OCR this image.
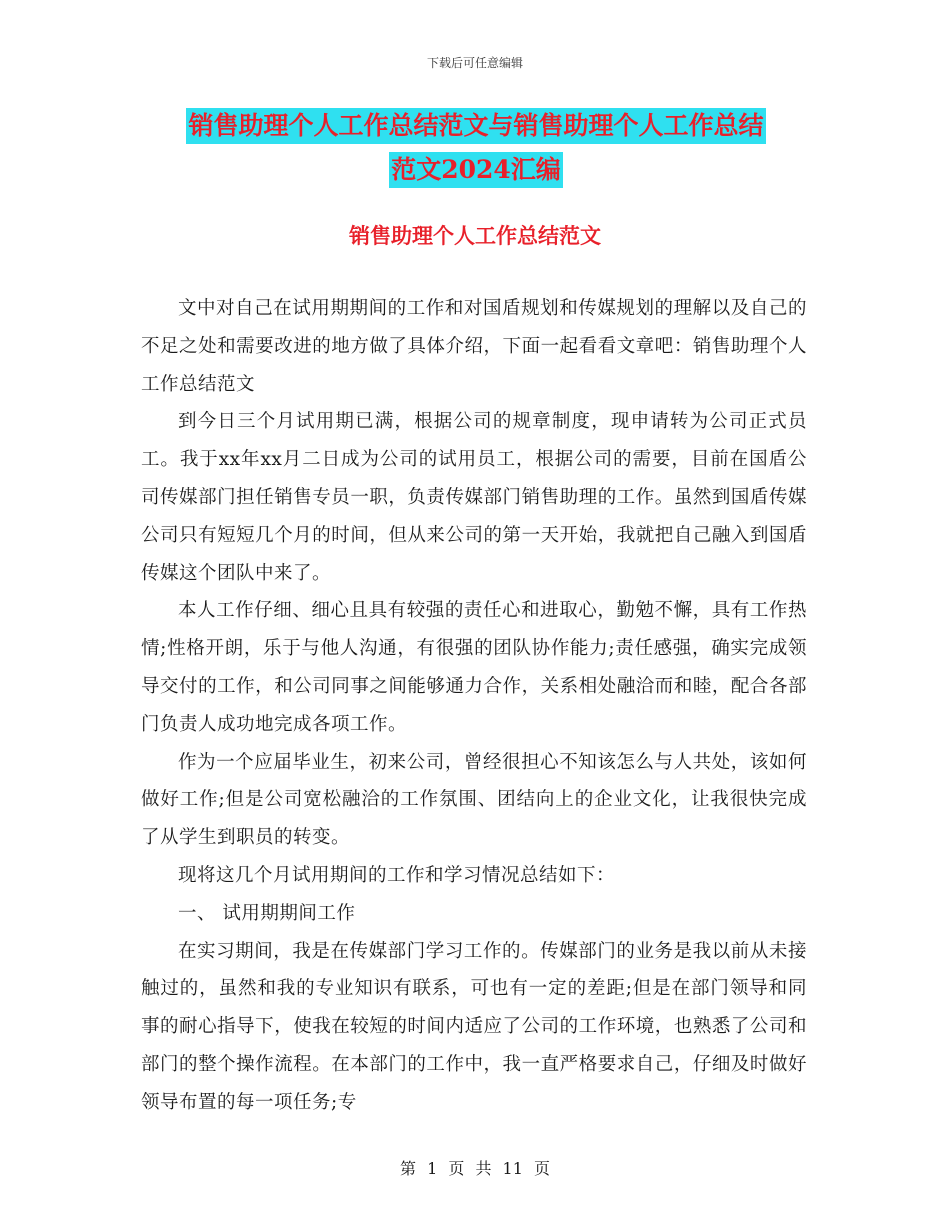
下载后可任意编辑
销售助理个人工作总结范文与销售助理个人工作总结
范文2024汇编
销售助理个人工作总结范文

文中对自己在试用期期间的工作和对国盾规划和传媒规划的理解以及自己的不足之处和需要改进的地方做了具体介绍，下面一起看看文章吧：销售助理个人工作总结范文

到今日三个月试用期已满，根据公司的规章制度，现申请转为公司正式员工。我于xx年xx月二日成为公司的试用员工，根据公司的需要，目前在国盾公司传媒部门担任销售专员一职，负责传媒部门销售助理的工作。虽然到国盾传媒公司只有短短几个月的时间，但从来公司的第一天开始，我就把自己融入到国盾传媒这个团队中来了。

本人工作仔细、细心且具有较强的责任心和进取心，勤勉不懈，具有工作热情;性格开朗，乐于与他人沟通，有很强的团队协作能力;责任感强，确实完成领导交付的工作，和公司同事之间能够通力合作，关系相处融洽而和睦，配合各部门负责人成功地完成各项工作。

作为一个应届毕业生，初来公司，曾经很担心不知该怎么与人共处，该如何做好工作;但是公司宽松融洽的工作氛围、团结向上的企业文化，让我很快完成了从学生到职员的转变。

现将这几个月试用期间的工作和学习情况总结如下：

一、 试用期期间工作

在实习期间，我是在传媒部门学习工作的。传媒部门的业务是我以前从未接触过的，虽然和我的专业知识有联系，可也有一定的差距;但是在部门领导和同事的耐心指导下，使我在较短的时间内适应了公司的工作环境，也熟悉了公司和部门的整个操作流程。在本部门的工作中，我一直严格要求自己，仔细及时做好领导布置的每一项任务;专

第 1 页 共 11 页
